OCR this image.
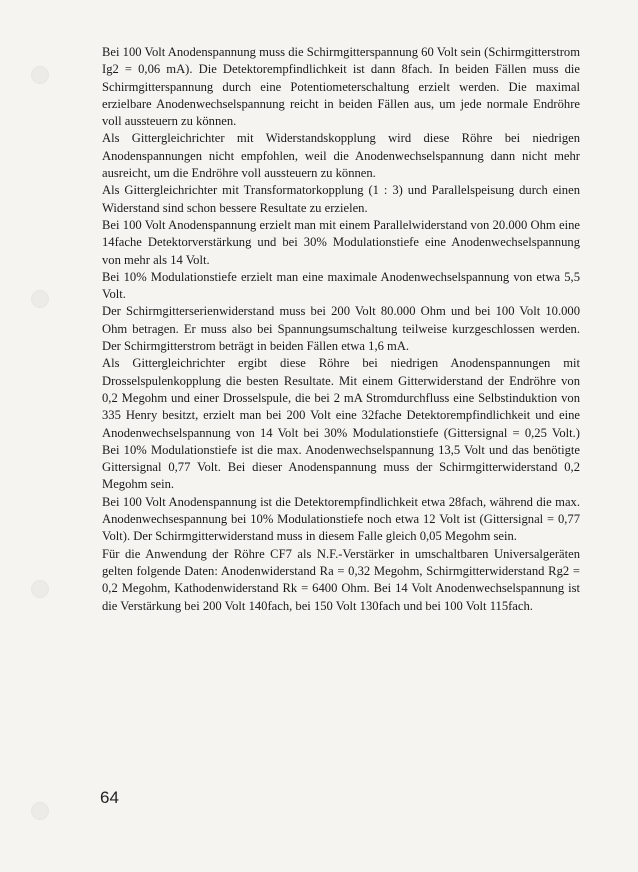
Bei 100 Volt Anodenspannung muss die Schirmgitterspannung 60 Volt sein (Schirmgitterstrom Ig2 = 0,06 mA). Die Detektorempfindlichkeit ist dann 8fach. In beiden Fällen muss die Schirmgitterspannung durch eine Potentiometerschaltung erzielt werden. Die maximal erzielbare Anodenwechselspannung reicht in beiden Fällen aus, um jede normale Endröhre voll aussteuern zu können.

Als Gittergleichrichter mit Widerstandskopplung wird diese Röhre bei niedrigen Anodenspannungen nicht empfohlen, weil die Anodenwechselspannung dann nicht mehr ausreicht, um die Endröhre voll aussteuern zu können.

Als Gittergleichrichter mit Transformatorkopplung (1 : 3) und Parallelspeisung durch einen Widerstand sind schon bessere Resultate zu erzielen.

Bei 100 Volt Anodenspannung erzielt man mit einem Parallelwiderstand von 20.000 Ohm eine 14fache Detektorverstärkung und bei 30% Modulationstiefe eine Anodenwechselspannung von mehr als 14 Volt.

Bei 10% Modulationstiefe erzielt man eine maximale Anodenwechselspannung von etwa 5,5 Volt.

Der Schirmgitterserienwiderstand muss bei 200 Volt 80.000 Ohm und bei 100 Volt 10.000 Ohm betragen. Er muss also bei Spannungsumschaltung teilweise kurzgeschlossen werden. Der Schirmgitterstrom beträgt in beiden Fällen etwa 1,6 mA.

Als Gittergleichrichter ergibt diese Röhre bei niedrigen Anodenspannungen mit Drosselspulenkopplung die besten Resultate. Mit einem Gitterwiderstand der Endröhre von 0,2 Megohm und einer Drosselspule, die bei 2 mA Stromdurchfluss eine Selbstinduktion von 335 Henry besitzt, erzielt man bei 200 Volt eine 32fache Detektorempfindlichkeit und eine Anodenwechselspannung von 14 Volt bei 30% Modulationstiefe (Gittersignal = 0,25 Volt.) Bei 10% Modulationstiefe ist die max. Anodenwechselspannung 13,5 Volt und das benötigte Gittersignal 0,77 Volt. Bei dieser Anodenspannung muss der Schirmgitterwiderstand 0,2 Megohm sein.

Bei 100 Volt Anodenspannung ist die Detektorempfindlichkeit etwa 28fach, während die max. Anodenwechsespannung bei 10% Modulationstiefe noch etwa 12 Volt ist (Gittersignal = 0,77 Volt). Der Schirmgitterwiderstand muss in diesem Falle gleich 0,05 Megohm sein.

Für die Anwendung der Röhre CF7 als N.F.-Verstärker in umschaltbaren Universalgeräten gelten folgende Daten: Anodenwiderstand Ra = 0,32 Megohm, Schirmgitterwiderstand Rg2 = 0,2 Megohm, Kathodenwiderstand Rk = 6400 Ohm. Bei 14 Volt Anodenwechselspannung ist die Verstärkung bei 200 Volt 140fach, bei 150 Volt 130fach und bei 100 Volt 115fach.

64
